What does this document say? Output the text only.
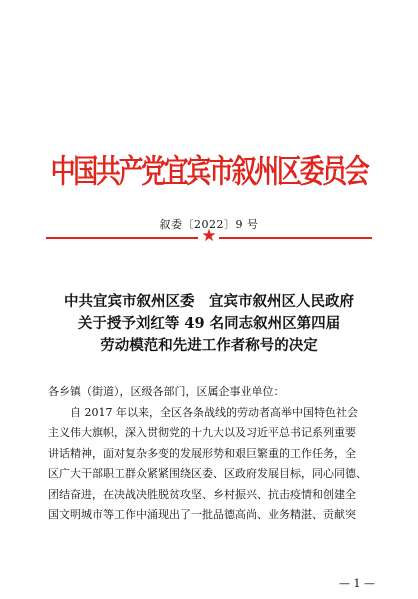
中国共产党宜宾市叙州区委员会
叙委〔2022〕9 号
★
中共宜宾市叙州区委　宜宾市叙州区人民政府
关于授予刘红等 49 名同志叙州区第四届
劳动模范和先进工作者称号的决定

各乡镇（街道），区级各部门，区属企事业单位：

自 2017 年以来，全区各条战线的劳动者高举中国特色社会

主义伟大旗帜，深入贯彻党的十九大以及习近平总书记系列重要

讲话精神，面对复杂多变的发展形势和艰巨繁重的工作任务，全

区广大干部职工群众紧紧围绕区委、区政府发展目标，同心同德、

团结奋进，在决战决胜脱贫攻坚、乡村振兴、抗击疫情和创建全

国文明城市等工作中涌现出了一批品德高尚、业务精湛、贡献突

— 1 —
